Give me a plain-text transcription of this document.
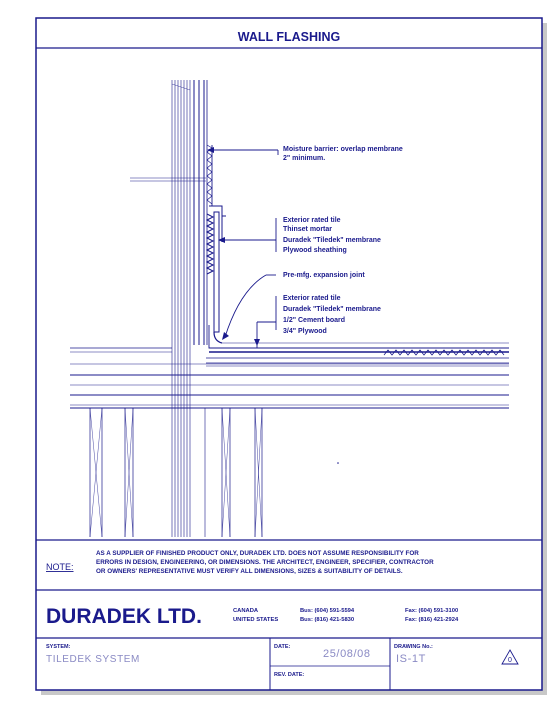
WALL FLASHING
Moisture barrier: overlap membrane
2" minimum.
Exterior rated tile
Thinset mortar
Duradek "Tiledek" membrane
Plywood sheathing
Pre-mfg. expansion joint
Exterior rated tile
Duradek "Tiledek" membrane
1/2" Cement board
3/4" Plywood
NOTE:
AS A SUPPLIER OF FINISHED PRODUCT ONLY, DURADEK LTD. DOES NOT ASSUME RESPONSIBILITY FOR
ERRORS IN DESIGN, ENGINEERING, OR DIMENSIONS. THE ARCHITECT, ENGINEER, SPECIFIER, CONTRACTOR
OR OWNERS' REPRESENTATIVE MUST VERIFY ALL DIMENSIONS, SIZES & SUITABILITY OF DETAILS.
DURADEK LTD.	CANADA
UNITED STATES
Bus: (604) 591-5594
Bus: (816) 421-5830
Fax: (604) 591-3100
Fax: (816) 421-2924
SYSTEM:
TILEDEK SYSTEM
DATE:
25/08/08
REV. DATE:
DRAWING No.:
IS-1T	0
